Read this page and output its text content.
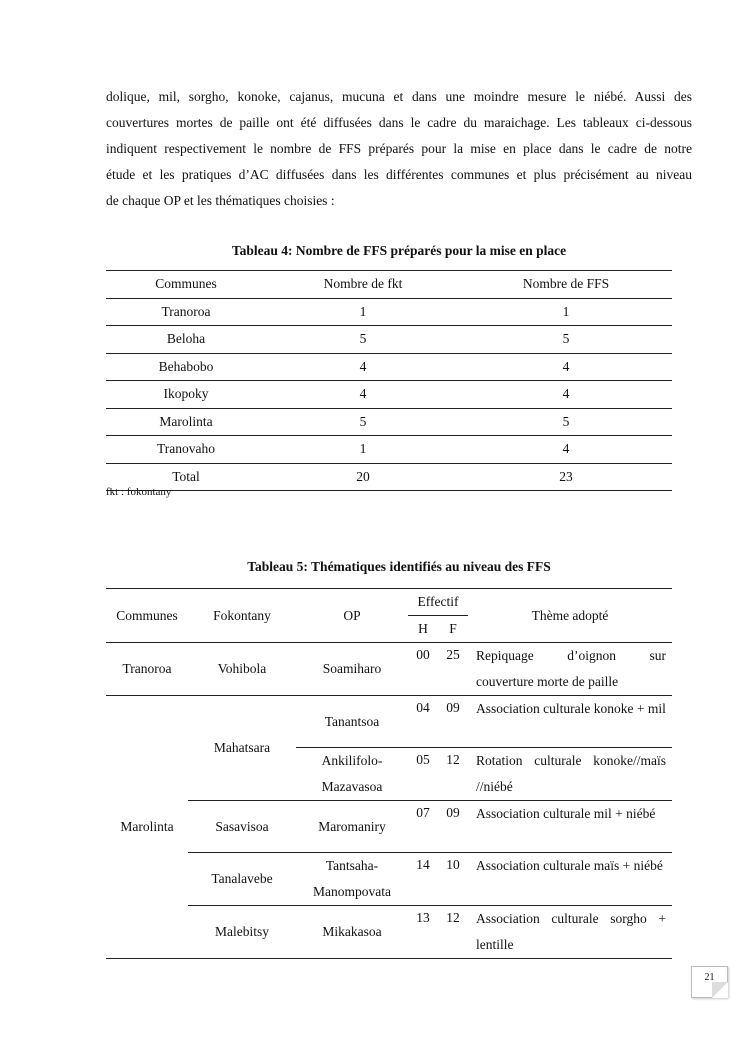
dolique, mil, sorgho, konoke, cajanus, mucuna et dans une moindre mesure le niébé. Aussi des
couvertures mortes de paille ont été diffusées dans le cadre du maraichage. Les tableaux ci-dessous
indiquent respectivement le nombre de FFS préparés pour la mise en place dans le cadre de notre
étude et les pratiques d’AC diffusées dans les différentes communes et plus précisément au niveau
de chaque OP et les thématiques choisies :
Tableau 4: Nombre de FFS préparés pour la mise en place
Communes	Nombre de fkt	Nombre de FFS
Tranoroa	1	1
Beloha	5	5
Behabobo	4	4
Ikopoky	4	4
Marolinta	5	5
Tranovaho	1	4
Total	20	23
fkt : fokontany
Tableau 5: Thématiques identifiés au niveau des FFS
Communes	Fokontany	OP	Effectif		Thème adopté
			H	F	
Tranoroa	Vohibola	Soamiharo	00	25	Repiquage d’oignon sur couverture morte de paille
Marolinta	Mahatsara	Tanantsoa	04	09	Association culturale konoke + mil
		Ankilifolo-Mazavasoa	05	12	Rotation culturale konoke//maïs //niébé
	Sasavisoa	Maromaniry	07	09	Association culturale mil + niébé
	Tanalavebe	Tantsaha-Manompovata	14	10	Association culturale maïs + niébé
	Malebitsy	Mikakasoa	13	12	Association culturale sorgho + lentille
21
